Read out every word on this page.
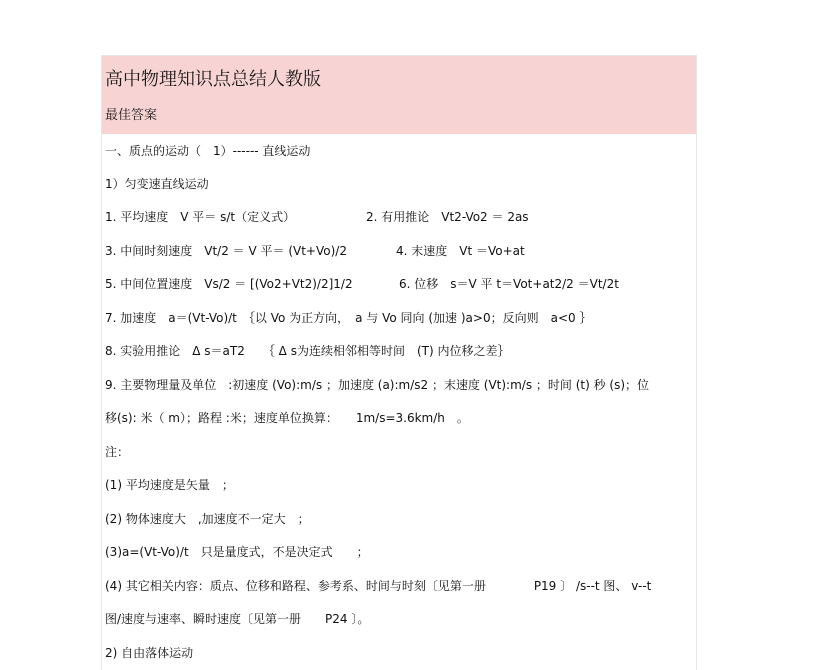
高中物理知识点总结人教版
最佳答案
一、质点的运动（　1）------ 直线运动
1）匀变速直线运动
1. 平均速度　V 平＝ s/t（定义式）	2. 有用推论　Vt2-Vo2 ＝ 2as
3. 中间时刻速度　Vt/2 ＝ V 平＝ (Vt+Vo)/2	4. 末速度　Vt ＝Vo+at
5. 中间位置速度　Vs/2 ＝ [(Vo2+Vt2)/2]1/2	6. 位移　s＝V 平 t＝Vot+at2/2 ＝Vt/2t
7. 加速度　a＝(Vt-Vo)/t　｛以 Vo 为正方向，　a 与 Vo 同向 (加速 )a>0；反向则　a<0 ｝
8. 实验用推论　Δ s＝aT2　　｛ Δ s为连续相邻相等时间　(T) 内位移之差｝
9. 主要物理量及单位　:初速度 (Vo):m/s ；加速度 (a):m/s2 ；末速度 (Vt):m/s ；时间 (t) 秒 (s)；位
移(s): 米（ m）；路程 :米；速度单位换算：　　1m/s=3.6km/h　。
注：
(1) 平均速度是矢量　；
(2) 物体速度大　,加速度不一定大　；
(3)a=(Vt-Vo)/t　只是量度式，不是决定式　　；
(4) 其它相关内容：质点、位移和路程、参考系、时间与时刻〔见第一册　　　　P19 〕 /s--t 图、 v--t
图/速度与速率、瞬时速度〔见第一册　　P24 〕。
2) 自由落体运动
